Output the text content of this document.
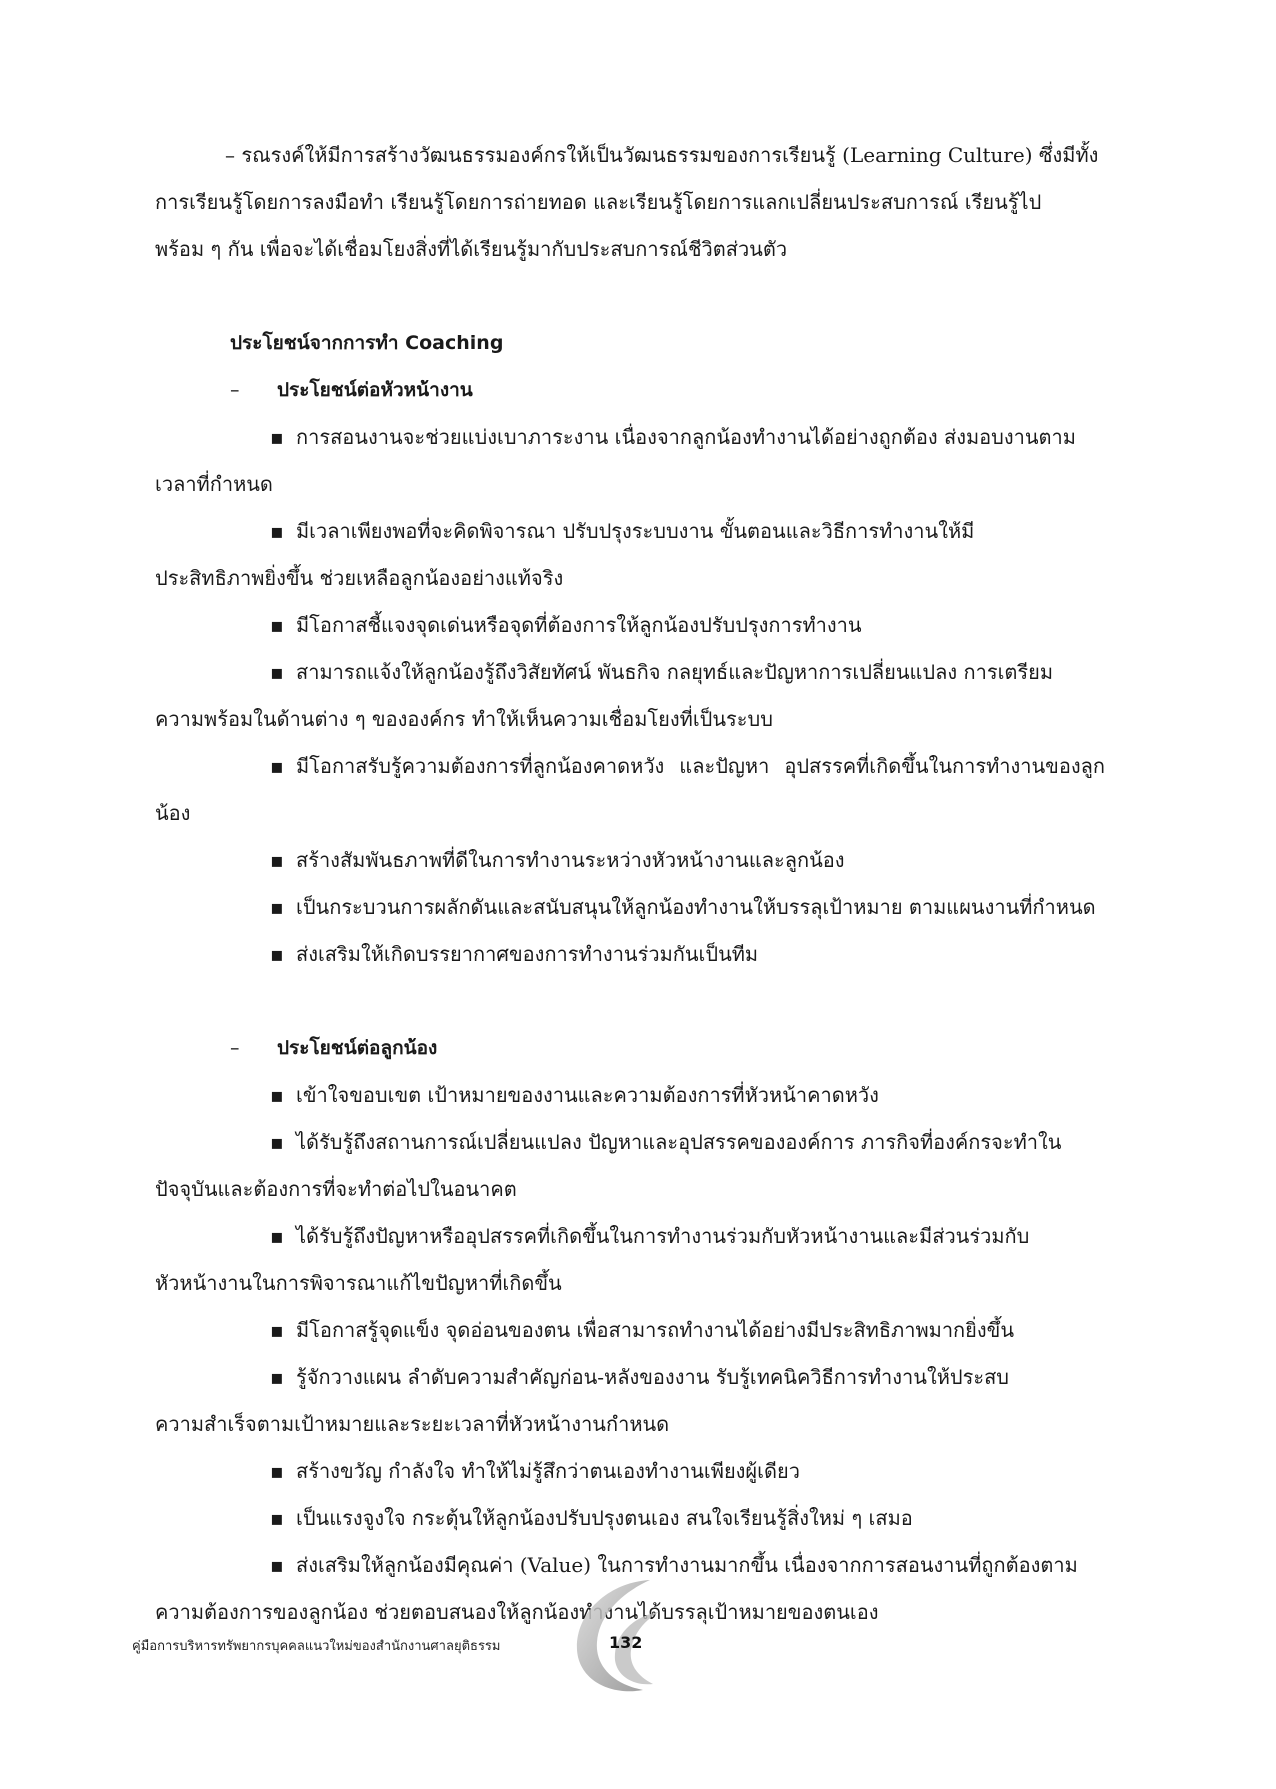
– รณรงค์ให้มีการสร้างวัฒนธรรมองค์กรให้เป็นวัฒนธรรมของการเรียนรู้ (Learning Culture) ซึ่งมีทั้ง

การเรียนรู้โดยการลงมือทำ เรียนรู้โดยการถ่ายทอด และเรียนรู้โดยการแลกเปลี่ยนประสบการณ์ เรียนรู้ไป

พร้อม ๆ กัน เพื่อจะได้เชื่อมโยงสิ่งที่ได้เรียนรู้มากับประสบการณ์ชีวิตส่วนตัว

ประโยชน์จากการทำ Coaching

– ประโยชน์ต่อหัวหน้างาน

▪ การสอนงานจะช่วยแบ่งเบาภาระงาน เนื่องจากลูกน้องทำงานได้อย่างถูกต้อง ส่งมอบงานตาม

เวลาที่กำหนด

▪ มีเวลาเพียงพอที่จะคิดพิจารณา ปรับปรุงระบบงาน ขั้นตอนและวิธีการทำงานให้มี

ประสิทธิภาพยิ่งขึ้น ช่วยเหลือลูกน้องอย่างแท้จริง

▪ มีโอกาสชี้แจงจุดเด่นหรือจุดที่ต้องการให้ลูกน้องปรับปรุงการทำงาน

▪ สามารถแจ้งให้ลูกน้องรู้ถึงวิสัยทัศน์ พันธกิจ กลยุทธ์และปัญหาการเปลี่ยนแปลง การเตรียม

ความพร้อมในด้านต่าง ๆ ขององค์กร ทำให้เห็นความเชื่อมโยงที่เป็นระบบ

▪ มีโอกาสรับรู้ความต้องการที่ลูกน้องคาดหวัง และปัญหา อุปสรรคที่เกิดขึ้นในการทำงานของลูกน้อง

▪ สร้างสัมพันธภาพที่ดีในการทำงานระหว่างหัวหน้างานและลูกน้อง

▪ เป็นกระบวนการผลักดันและสนับสนุนให้ลูกน้องทำงานให้บรรลุเป้าหมาย ตามแผนงานที่กำหนด

▪ ส่งเสริมให้เกิดบรรยากาศของการทำงานร่วมกันเป็นทีม

– ประโยชน์ต่อลูกน้อง

▪ เข้าใจขอบเขต เป้าหมายของงานและความต้องการที่หัวหน้าคาดหวัง

▪ ได้รับรู้ถึงสถานการณ์เปลี่ยนแปลง ปัญหาและอุปสรรคขององค์การ ภารกิจที่องค์กรจะทำใน

ปัจจุบันและต้องการที่จะทำต่อไปในอนาคต

▪ ได้รับรู้ถึงปัญหาหรืออุปสรรคที่เกิดขึ้นในการทำงานร่วมกับหัวหน้างานและมีส่วนร่วมกับ

หัวหน้างานในการพิจารณาแก้ไขปัญหาที่เกิดขึ้น

▪ มีโอกาสรู้จุดแข็ง จุดอ่อนของตน เพื่อสามารถทำงานได้อย่างมีประสิทธิภาพมากยิ่งขึ้น

▪ รู้จักวางแผน ลำดับความสำคัญก่อน-หลังของงาน รับรู้เทคนิควิธีการทำงานให้ประสบ

ความสำเร็จตามเป้าหมายและระยะเวลาที่หัวหน้างานกำหนด

▪ สร้างขวัญ กำลังใจ ทำให้ไม่รู้สึกว่าตนเองทำงานเพียงผู้เดียว

▪ เป็นแรงจูงใจ กระตุ้นให้ลูกน้องปรับปรุงตนเอง สนใจเรียนรู้สิ่งใหม่ ๆ เสมอ

▪ ส่งเสริมให้ลูกน้องมีคุณค่า (Value) ในการทำงานมากขึ้น เนื่องจากการสอนงานที่ถูกต้องตาม

ความต้องการของลูกน้อง ช่วยตอบสนองให้ลูกน้องทำงานได้บรรลุเป้าหมายของตนเอง

คู่มือการบริหารทรัพยากรบุคคลแนวใหม่ของสำนักงานศาลยุติธรรม	132
